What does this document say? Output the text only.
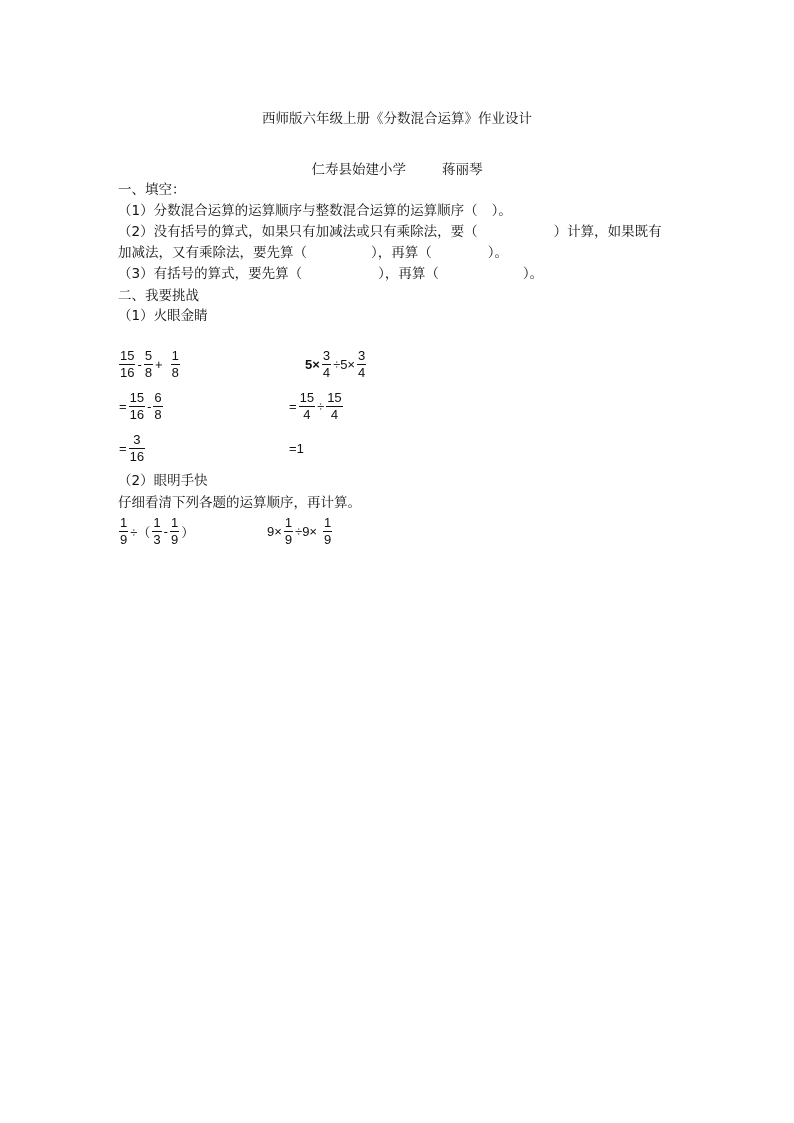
西师版六年级上册《分数混合运算》作业设计
仁寿县始建小学	蒋丽琴
一、填空：
（1）分数混合运算的运算顺序与整数混合运算的运算顺序（ ）。
（2）没有括号的算式，如果只有加减法或只有乘除法，要（	）计算，如果既有
加减法，又有乘除法，要先算（	），再算（	）。
（3）有括号的算式，要先算（	），再算（	）。
二、我要挑战
（1）火眼金睛
$\frac{15}{16} - \frac{5}{8} + \frac{1}{8}$
= $\frac{15}{16} - \frac{6}{8}$
= $\frac{3}{16}$
$5\times \frac{3}{4} \div 5\times \frac{3}{4}$
= $\frac{15}{4} \div \frac{15}{4}$
=1
（2）眼明手快
仔细看清下列各题的运算顺序，再计算。
$\frac{1}{9}$ ÷（ $\frac{1}{3} - \frac{1}{9}$ ）	$9\times \frac{1}{9} \div 9\times \frac{1}{9}$
